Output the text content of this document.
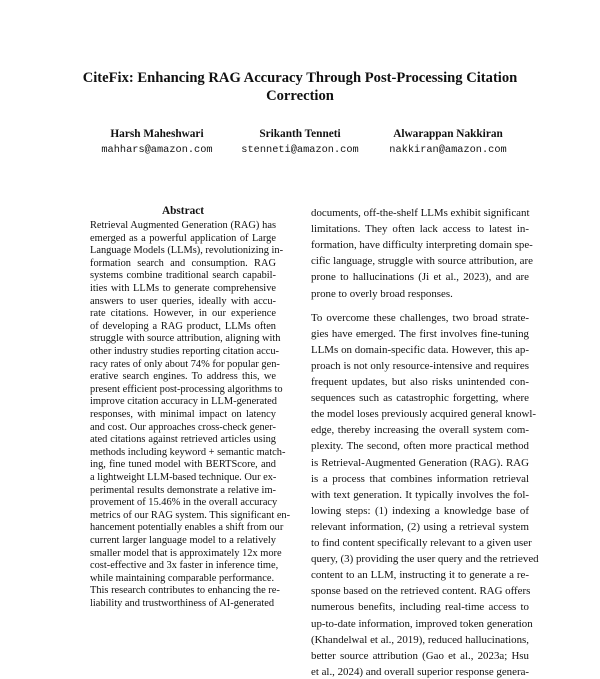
CiteFix: Enhancing RAG Accuracy Through Post-Processing Citation
Correction
Harsh Maheshwari
mahhars@amazon.com
Srikanth Tenneti
stenneti@amazon.com
Alwarappan Nakkiran
nakkiran@amazon.com
Abstract
Retrieval Augmented Generation (RAG) has
emerged as a powerful application of Large
Language Models (LLMs), revolutionizing in-
formation search and consumption. RAG
systems combine traditional search capabil-
ities with LLMs to generate comprehensive
answers to user queries, ideally with accu-
rate citations. However, in our experience
of developing a RAG product, LLMs often
struggle with source attribution, aligning with
other industry studies reporting citation accu-
racy rates of only about 74% for popular gen-
erative search engines. To address this, we
present efficient post-processing algorithms to
improve citation accuracy in LLM-generated
responses, with minimal impact on latency
and cost. Our approaches cross-check gener-
ated citations against retrieved articles using
methods including keyword + semantic match-
ing, fine tuned model with BERTScore, and
a lightweight LLM-based technique. Our ex-
perimental results demonstrate a relative im-
provement of 15.46% in the overall accuracy
metrics of our RAG system. This significant en-
hancement potentially enables a shift from our
current larger language model to a relatively
smaller model that is approximately 12x more
cost-effective and 3x faster in inference time,
while maintaining comparable performance.
This research contributes to enhancing the re-
liability and trustworthiness of AI-generated
documents, off-the-shelf LLMs exhibit significant
limitations. They often lack access to latest in-
formation, have difficulty interpreting domain spe-
cific language, struggle with source attribution, are
prone to hallucinations (Ji et al., 2023), and are
prone to overly broad responses.
To overcome these challenges, two broad strate-
gies have emerged. The first involves fine-tuning
LLMs on domain-specific data. However, this ap-
proach is not only resource-intensive and requires
frequent updates, but also risks unintended con-
sequences such as catastrophic forgetting, where
the model loses previously acquired general knowl-
edge, thereby increasing the overall system com-
plexity. The second, often more practical method
is Retrieval-Augmented Generation (RAG). RAG
is a process that combines information retrieval
with text generation. It typically involves the fol-
lowing steps: (1) indexing a knowledge base of
relevant information, (2) using a retrieval system
to find content specifically relevant to a given user
query, (3) providing the user query and the retrieved
content to an LLM, instructing it to generate a re-
sponse based on the retrieved content. RAG offers
numerous benefits, including real-time access to
up-to-date information, improved token generation
(Khandelwal et al., 2019), reduced hallucinations,
better source attribution (Gao et al., 2023a; Hsu
et al., 2024) and overall superior response genera-
